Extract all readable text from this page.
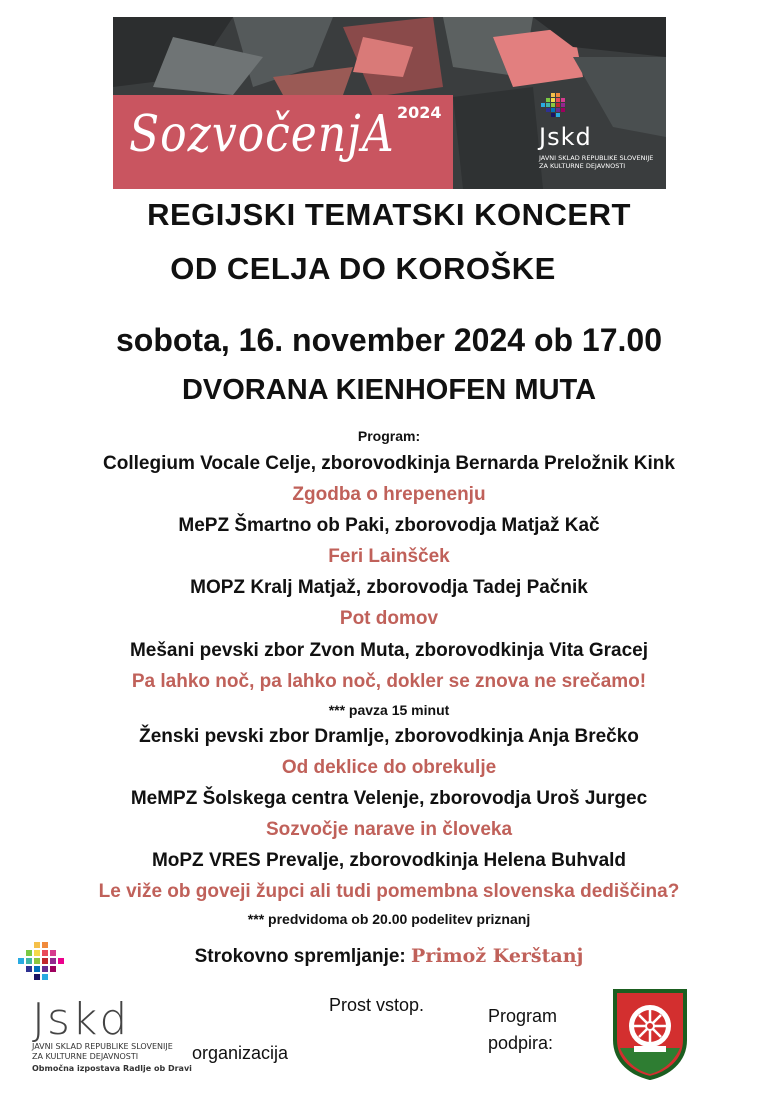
SozvočenjA 2024
Jskd
JAVNI SKLAD REPUBLIKE SLOVENIJE
ZA KULTURNE DEJAVNOSTI
REGIJSKI TEMATSKI KONCERT
OD CELJA DO KOROŠKE
sobota, 16. november 2024 ob 17.00
DVORANA KIENHOFEN MUTA
Program:
Collegium Vocale Celje, zborovodkinja Bernarda Preložnik Kink
Zgodba o hrepenenju
MePZ Šmartno ob Paki, zborovodja Matjaž Kač
Feri Lainšček
MOPZ Kralj Matjaž, zborovodja Tadej Pačnik
Pot domov
Mešani pevski zbor Zvon Muta, zborovodkinja Vita Gracej
Pa lahko noč, pa lahko noč, dokler se znova ne srečamo!
*** pavza 15 minut
Ženski pevski zbor Dramlje, zborovodkinja Anja Brečko
Od deklice do obrekulje
MeMPZ Šolskega centra Velenje, zborovodja Uroš Jurgec
Sozvočje narave in človeka
MoPZ VRES Prevalje, zborovodkinja Helena Buhvald
Le viže ob goveji župci ali tudi pomembna slovenska dediščina?
*** predvidoma ob 20.00 podelitev priznanj
Strokovno spremljanje: Primož Kerštanj
Jskd
JAVNI SKLAD REPUBLIKE SLOVENIJE
ZA KULTURNE DEJAVNOSTI
Območna izpostava Radlje ob Dravi
organizacija
Prost vstop.
Program
podpira:
